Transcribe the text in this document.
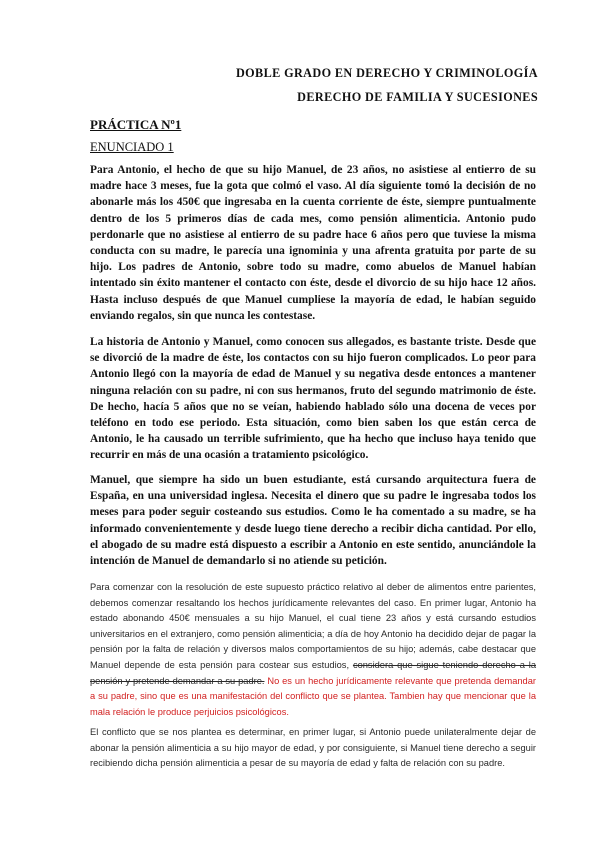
DOBLE GRADO EN DERECHO Y CRIMINOLOGÍA
DERECHO DE FAMILIA Y SUCESIONES
PRÁCTICA Nº1
ENUNCIADO 1

Para Antonio, el hecho de que su hijo Manuel, de 23 años, no asistiese al entierro de su madre hace 3 meses, fue la gota que colmó el vaso. Al día siguiente tomó la decisión de no abonarle más los 450€ que ingresaba en la cuenta corriente de éste, siempre puntualmente dentro de los 5 primeros días de cada mes, como pensión alimenticia. Antonio pudo perdonarle que no asistiese al entierro de su padre hace 6 años pero que tuviese la misma conducta con su madre, le parecía una ignominia y una afrenta gratuita por parte de su hijo. Los padres de Antonio, sobre todo su madre, como abuelos de Manuel habían intentado sin éxito mantener el contacto con éste, desde el divorcio de su hijo hace 12 años. Hasta incluso después de que Manuel cumpliese la mayoría de edad, le habían seguido enviando regalos, sin que nunca les contestase.

La historia de Antonio y Manuel, como conocen sus allegados, es bastante triste. Desde que se divorció de la madre de éste, los contactos con su hijo fueron complicados. Lo peor para Antonio llegó con la mayoría de edad de Manuel y su negativa desde entonces a mantener ninguna relación con su padre, ni con sus hermanos, fruto del segundo matrimonio de éste. De hecho, hacía 5 años que no se veían, habiendo hablado sólo una docena de veces por teléfono en todo ese periodo. Esta situación, como bien saben los que están cerca de Antonio, le ha causado un terrible sufrimiento, que ha hecho que incluso haya tenido que recurrir en más de una ocasión a tratamiento psicológico.

Manuel, que siempre ha sido un buen estudiante, está cursando arquitectura fuera de España, en una universidad inglesa. Necesita el dinero que su padre le ingresaba todos los meses para poder seguir costeando sus estudios. Como le ha comentado a su madre, se ha informado convenientemente y desde luego tiene derecho a recibir dicha cantidad. Por ello, el abogado de su madre está dispuesto a escribir a Antonio en este sentido, anunciándole la intención de Manuel de demandarlo si no atiende su petición.

Para comenzar con la resolución de este supuesto práctico relativo al deber de alimentos entre parientes, debemos comenzar resaltando los hechos jurídicamente relevantes del caso. En primer lugar, Antonio ha estado abonando 450€ mensuales a su hijo Manuel, el cual tiene 23 años y está cursando estudios universitarios en el extranjero, como pensión alimenticia; a día de hoy Antonio ha decidido dejar de pagar la pensión por la falta de relación y diversos malos comportamientos de su hijo; además, cabe destacar que Manuel depende de esta pensión para costear sus estudios, considera que sigue teniendo derecho a la pensión y pretende demandar a su padre. No es un hecho jurídicamente relevante que pretenda demandar a su padre, sino que es una manifestación del conflicto que se plantea. Tambien hay que mencionar que la mala relación le produce perjuicios psicológicos.

El conflicto que se nos plantea es determinar, en primer lugar, si Antonio puede unilateralmente dejar de abonar la pensión alimenticia a su hijo mayor de edad, y por consiguiente, si Manuel tiene derecho a seguir recibiendo dicha pensión alimenticia a pesar de su mayoría de edad y falta de relación con su padre.
